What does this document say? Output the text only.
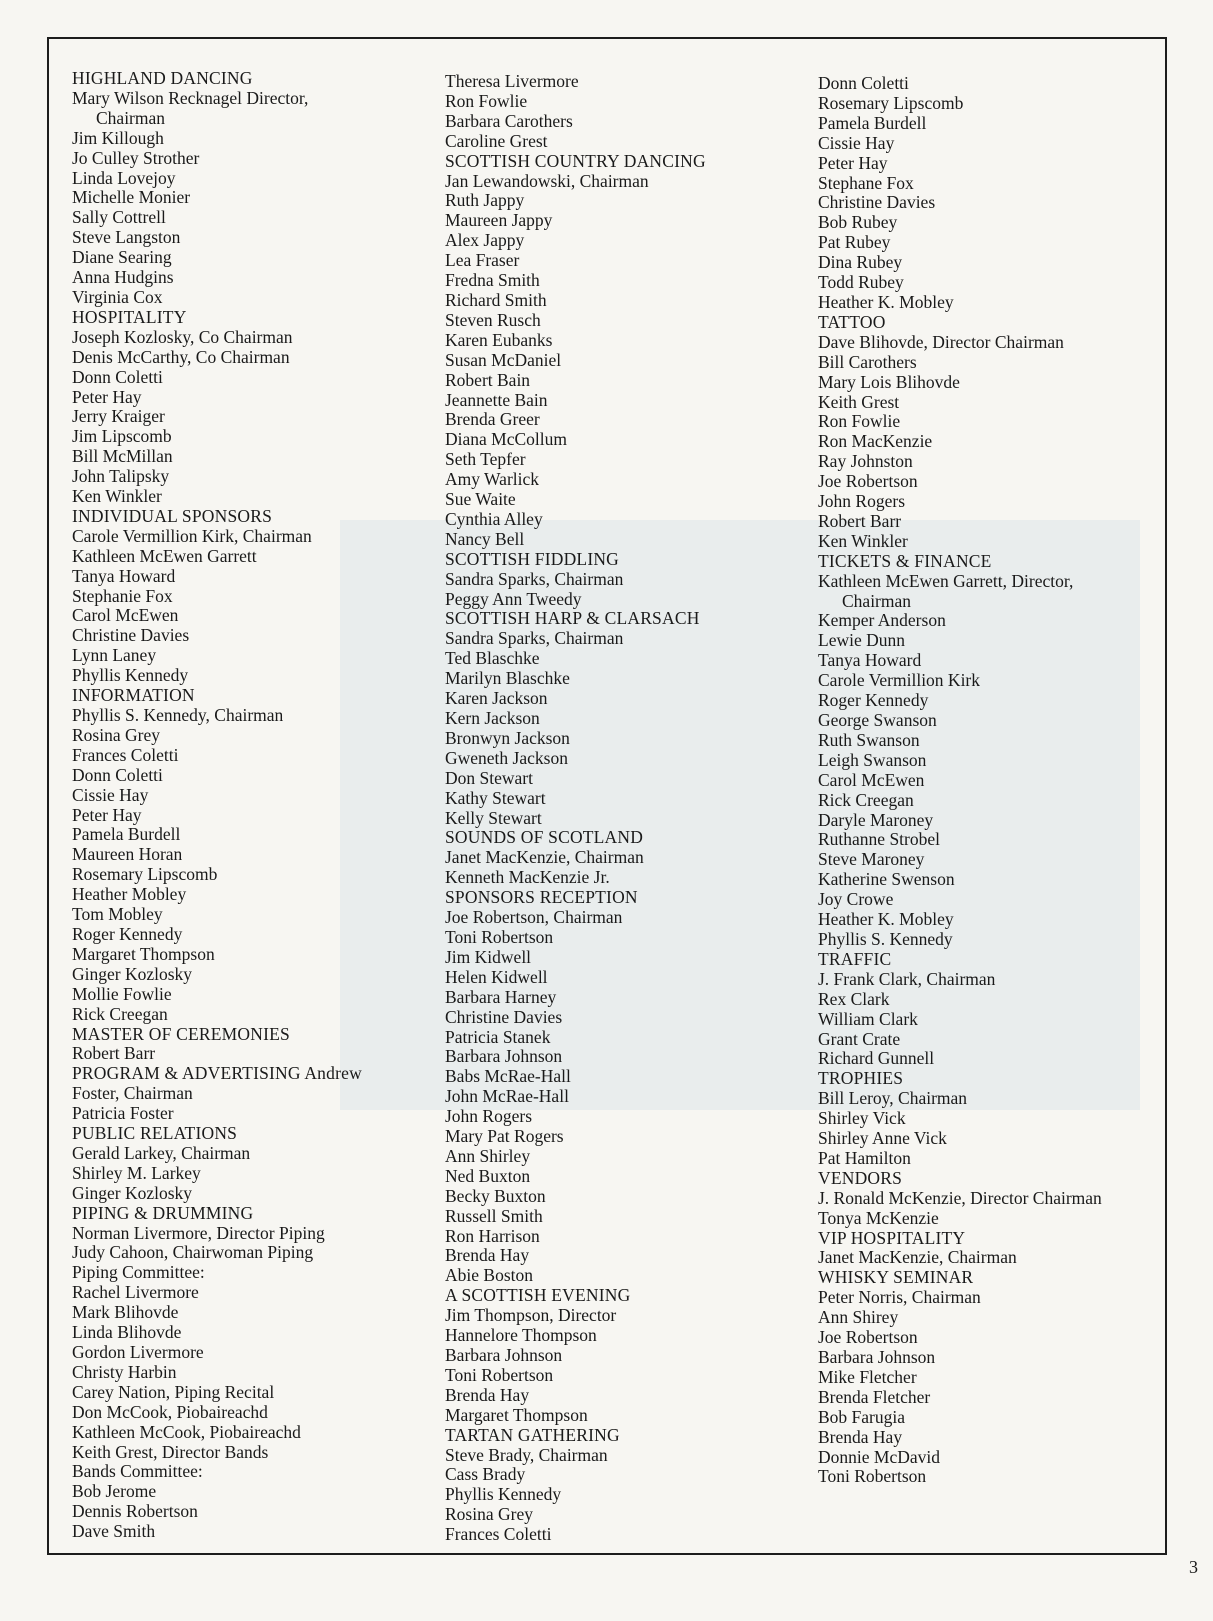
HIGHLAND DANCING
Mary Wilson Recknagel Director,
Chairman
Jim Killough
Jo Culley Strother
Linda Lovejoy
Michelle Monier
Sally Cottrell
Steve Langston
Diane Searing
Anna Hudgins
Virginia Cox
HOSPITALITY
Joseph Kozlosky, Co Chairman
Denis McCarthy, Co Chairman
Donn Coletti
Peter Hay
Jerry Kraiger
Jim Lipscomb
Bill McMillan
John Talipsky
Ken Winkler
INDIVIDUAL SPONSORS
Carole Vermillion Kirk, Chairman
Kathleen McEwen Garrett
Tanya Howard
Stephanie Fox
Carol McEwen
Christine Davies
Lynn Laney
Phyllis Kennedy
INFORMATION
Phyllis S. Kennedy, Chairman
Rosina Grey
Frances Coletti
Donn Coletti
Cissie Hay
Peter Hay
Pamela Burdell
Maureen Horan
Rosemary Lipscomb
Heather Mobley
Tom Mobley
Roger Kennedy
Margaret Thompson
Ginger Kozlosky
Mollie Fowlie
Rick Creegan
MASTER OF CEREMONIES
Robert Barr
PROGRAM & ADVERTISING Andrew
Foster, Chairman
Patricia Foster
PUBLIC RELATIONS
Gerald Larkey, Chairman
Shirley M. Larkey
Ginger Kozlosky
PIPING & DRUMMING
Norman Livermore, Director Piping
Judy Cahoon, Chairwoman Piping
Piping Committee:
Rachel Livermore
Mark Blihovde
Linda Blihovde
Gordon Livermore
Christy Harbin
Carey Nation, Piping Recital
Don McCook, Piobaireachd
Kathleen McCook, Piobaireachd
Keith Grest, Director Bands
Bands Committee:
Bob Jerome
Dennis Robertson
Dave Smith
Theresa Livermore
Ron Fowlie
Barbara Carothers
Caroline Grest
SCOTTISH COUNTRY DANCING
Jan Lewandowski, Chairman
Ruth Jappy
Maureen Jappy
Alex Jappy
Lea Fraser
Fredna Smith
Richard Smith
Steven Rusch
Karen Eubanks
Susan McDaniel
Robert Bain
Jeannette Bain
Brenda Greer
Diana McCollum
Seth Tepfer
Amy Warlick
Sue Waite
Cynthia Alley
Nancy Bell
SCOTTISH FIDDLING
Sandra Sparks, Chairman
Peggy Ann Tweedy
SCOTTISH HARP & CLARSACH
Sandra Sparks, Chairman
Ted Blaschke
Marilyn Blaschke
Karen Jackson
Kern Jackson
Bronwyn Jackson
Gweneth Jackson
Don Stewart
Kathy Stewart
Kelly Stewart
SOUNDS OF SCOTLAND
Janet MacKenzie, Chairman
Kenneth MacKenzie Jr.
SPONSORS RECEPTION
Joe Robertson, Chairman
Toni Robertson
Jim Kidwell
Helen Kidwell
Barbara Harney
Christine Davies
Patricia Stanek
Barbara Johnson
Babs McRae-Hall
John McRae-Hall
John Rogers
Mary Pat Rogers
Ann Shirley
Ned Buxton
Becky Buxton
Russell Smith
Ron Harrison
Brenda Hay
Abie Boston
A SCOTTISH EVENING
Jim Thompson, Director
Hannelore Thompson
Barbara Johnson
Toni Robertson
Brenda Hay
Margaret Thompson
TARTAN GATHERING
Steve Brady, Chairman
Cass Brady
Phyllis Kennedy
Rosina Grey
Frances Coletti
Donn Coletti
Rosemary Lipscomb
Pamela Burdell
Cissie Hay
Peter Hay
Stephane Fox
Christine Davies
Bob Rubey
Pat Rubey
Dina Rubey
Todd Rubey
Heather K. Mobley
TATTOO
Dave Blihovde, Director Chairman
Bill Carothers
Mary Lois Blihovde
Keith Grest
Ron Fowlie
Ron MacKenzie
Ray Johnston
Joe Robertson
John Rogers
Robert Barr
Ken Winkler
TICKETS & FINANCE
Kathleen McEwen Garrett, Director,
Chairman
Kemper Anderson
Lewie Dunn
Tanya Howard
Carole Vermillion Kirk
Roger Kennedy
George Swanson
Ruth Swanson
Leigh Swanson
Carol McEwen
Rick Creegan
Daryle Maroney
Ruthanne Strobel
Steve Maroney
Katherine Swenson
Joy Crowe
Heather K. Mobley
Phyllis S. Kennedy
TRAFFIC
J. Frank Clark, Chairman
Rex Clark
William Clark
Grant Crate
Richard Gunnell
TROPHIES
Bill Leroy, Chairman
Shirley Vick
Shirley Anne Vick
Pat Hamilton
VENDORS
J. Ronald McKenzie, Director Chairman
Tonya McKenzie
VIP HOSPITALITY
Janet MacKenzie, Chairman
WHISKY SEMINAR
Peter Norris, Chairman
Ann Shirey
Joe Robertson
Barbara Johnson
Mike Fletcher
Brenda Fletcher
Bob Farugia
Brenda Hay
Donnie McDavid
Toni Robertson
3
